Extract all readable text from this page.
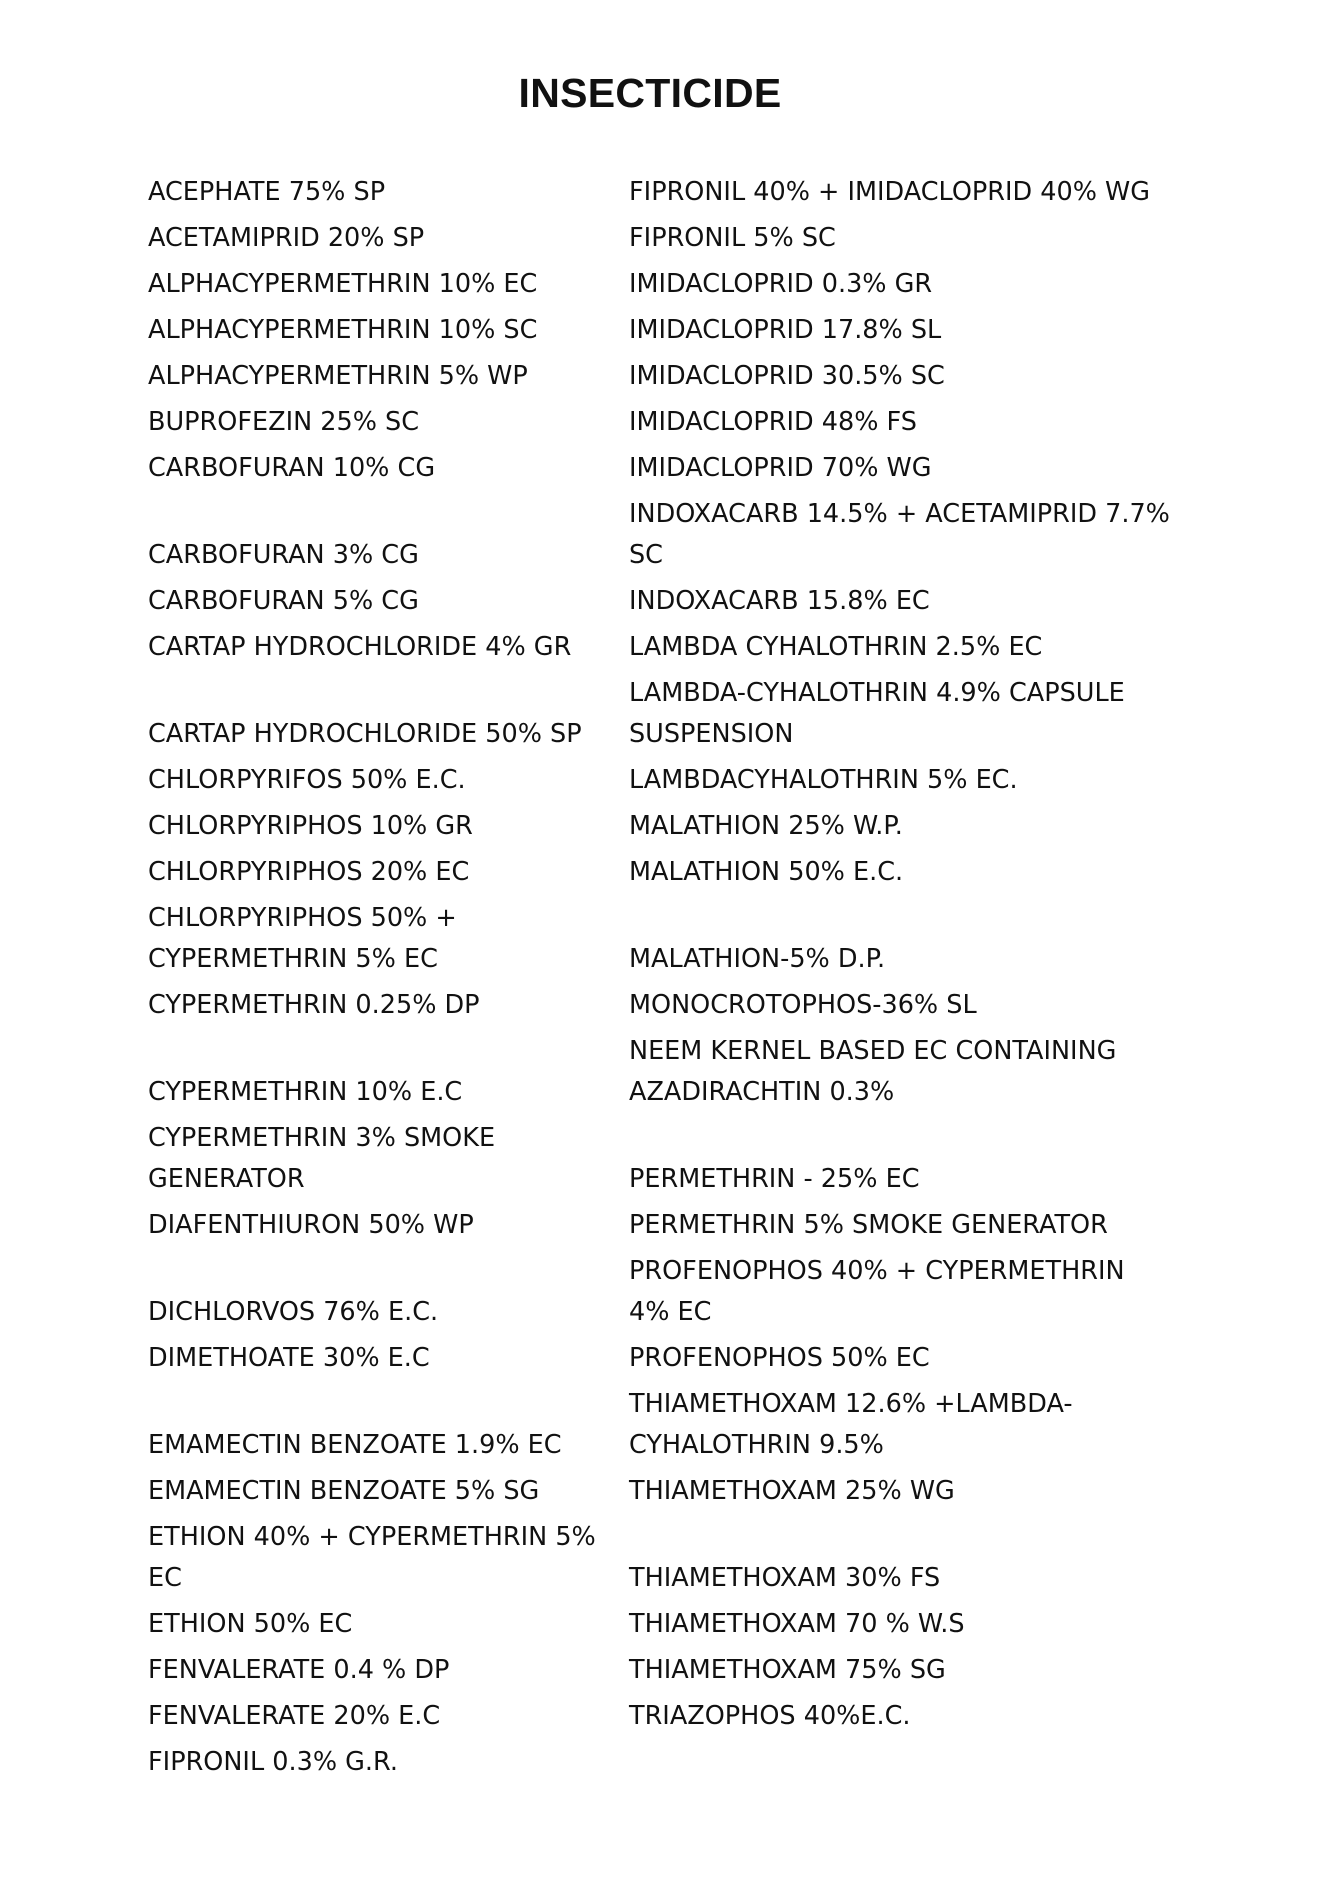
INSECTICIDE
ACEPHATE 75% SP	FIPRONIL 40% + IMIDACLOPRID 40% WG
ACETAMIPRID 20% SP	FIPRONIL 5% SC
ALPHACYPERMETHRIN 10% EC	IMIDACLOPRID 0.3% GR
ALPHACYPERMETHRIN 10% SC	IMIDACLOPRID 17.8% SL
ALPHACYPERMETHRIN 5% WP	IMIDACLOPRID 30.5% SC
BUPROFEZIN 25% SC	IMIDACLOPRID 48% FS
CARBOFURAN 10% CG	IMIDACLOPRID 70% WG
CARBOFURAN 3% CG	INDOXACARB 14.5% + ACETAMIPRID 7.7% SC
CARBOFURAN 5% CG	INDOXACARB 15.8% EC
CARTAP HYDROCHLORIDE 4% GR	LAMBDA CYHALOTHRIN 2.5% EC
CARTAP HYDROCHLORIDE 50% SP	LAMBDA-CYHALOTHRIN 4.9% CAPSULE SUSPENSION
CHLORPYRIFOS 50% E.C.	LAMBDACYHALOTHRIN 5% EC.
CHLORPYRIPHOS 10% GR	MALATHION 25% W.P.
CHLORPYRIPHOS 20% EC	MALATHION 50% E.C.
CHLORPYRIPHOS 50% + CYPERMETHRIN 5% EC	MALATHION-5% D.P.
CYPERMETHRIN 0.25% DP	MONOCROTOPHOS-36% SL
CYPERMETHRIN 10% E.C	NEEM KERNEL BASED EC CONTAINING AZADIRACHTIN 0.3%
CYPERMETHRIN 3% SMOKE GENERATOR	PERMETHRIN - 25% EC
DIAFENTHIURON 50% WP	PERMETHRIN 5% SMOKE GENERATOR
DICHLORVOS 76% E.C.	PROFENOPHOS 40% + CYPERMETHRIN 4% EC
DIMETHOATE 30% E.C	PROFENOPHOS 50% EC
EMAMECTIN BENZOATE 1.9% EC	THIAMETHOXAM 12.6% +LAMBDA-CYHALOTHRIN 9.5%
EMAMECTIN BENZOATE 5% SG	THIAMETHOXAM 25% WG
ETHION 40% + CYPERMETHRIN 5% EC	THIAMETHOXAM 30% FS
ETHION 50% EC	THIAMETHOXAM 70 % W.S
FENVALERATE 0.4 % DP	THIAMETHOXAM 75% SG
FENVALERATE 20% E.C	TRIAZOPHOS 40%E.C.
FIPRONIL 0.3% G.R.	
